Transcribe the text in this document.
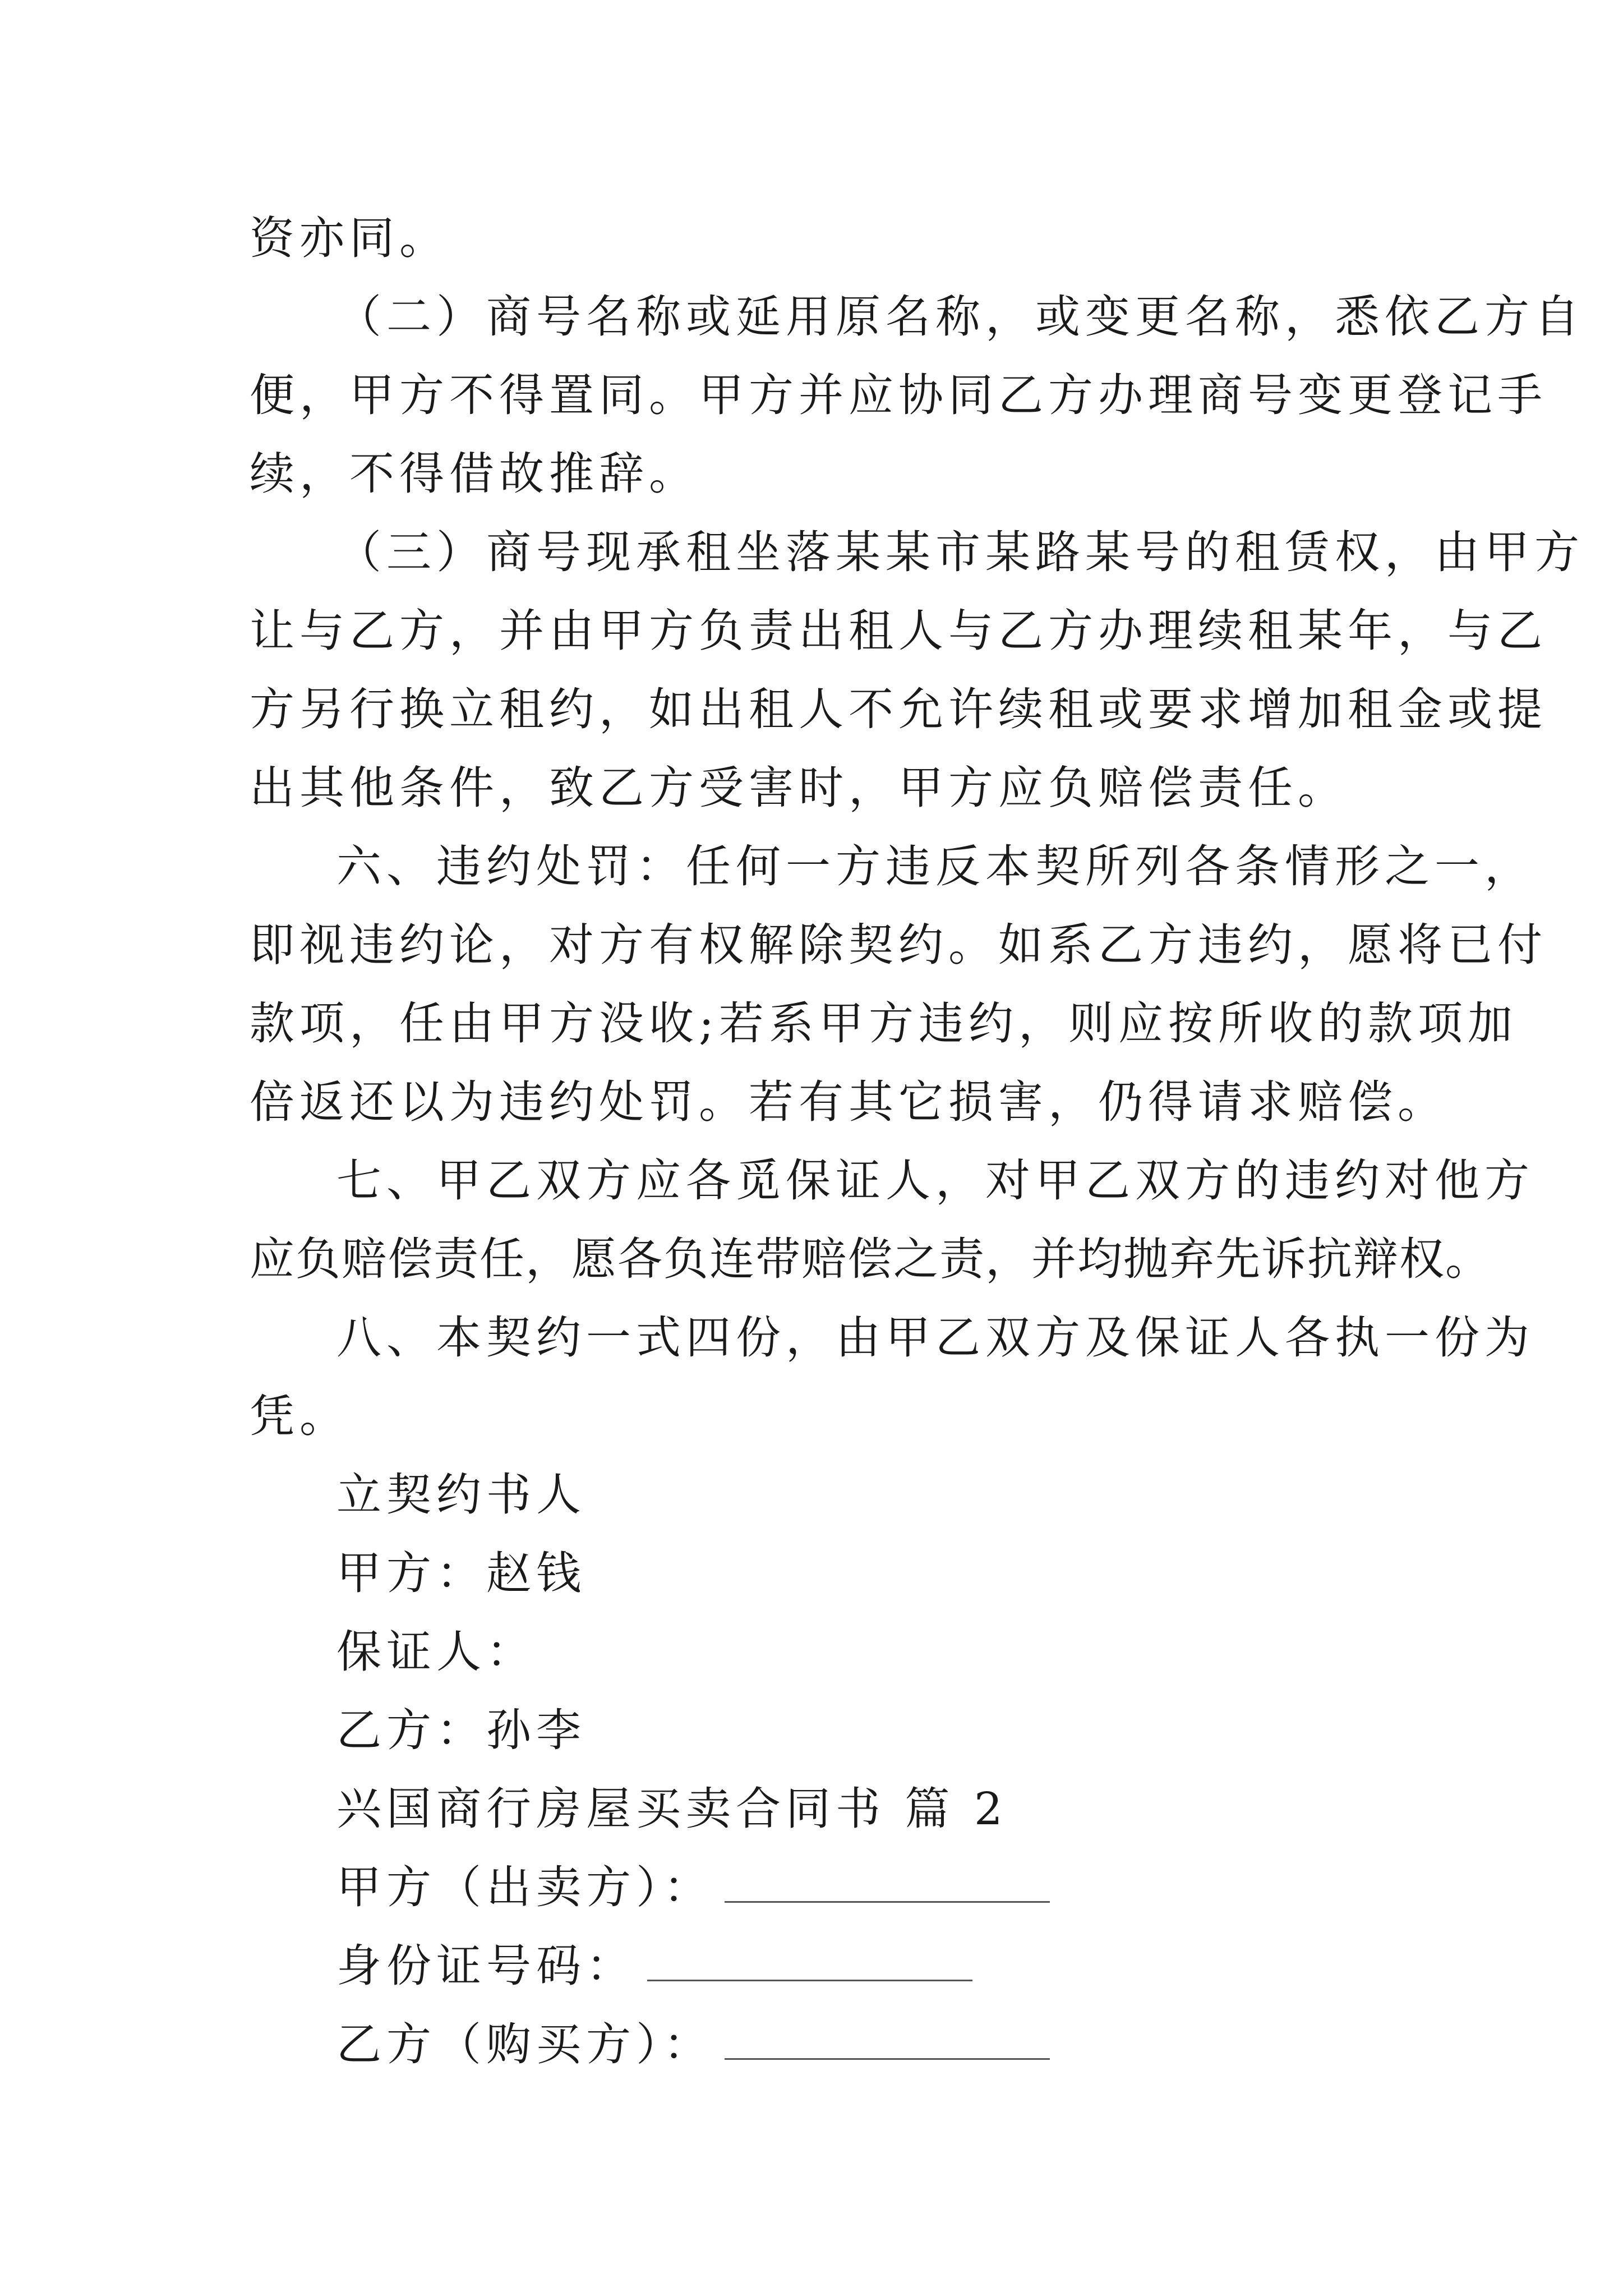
资亦同。
（二）商号名称或延用原名称，或变更名称，悉依乙方自
便，甲方不得置同。甲方并应协同乙方办理商号变更登记手
续，不得借故推辞。
（三）商号现承租坐落某某市某路某号的租赁权，由甲方
让与乙方，并由甲方负责出租人与乙方办理续租某年，与乙
方另行换立租约，如出租人不允许续租或要求增加租金或提
出其他条件，致乙方受害时，甲方应负赔偿责任。
六、违约处罚：任何一方违反本契所列各条情形之一，
即视违约论，对方有权解除契约。如系乙方违约，愿将已付
款项，任由甲方没收;若系甲方违约，则应按所收的款项加
倍返还以为违约处罚。若有其它损害，仍得请求赔偿。
七、甲乙双方应各觅保证人，对甲乙双方的违约对他方
应负赔偿责任，愿各负连带赔偿之责，并均抛弃先诉抗辩权。
八、本契约一式四份，由甲乙双方及保证人各执一份为
凭。
立契约书人
甲方：赵钱
保证人：
乙方：孙李
兴国商行房屋买卖合同书 篇 2
甲方（出卖方）：
身份证号码：
乙方（购买方）：
